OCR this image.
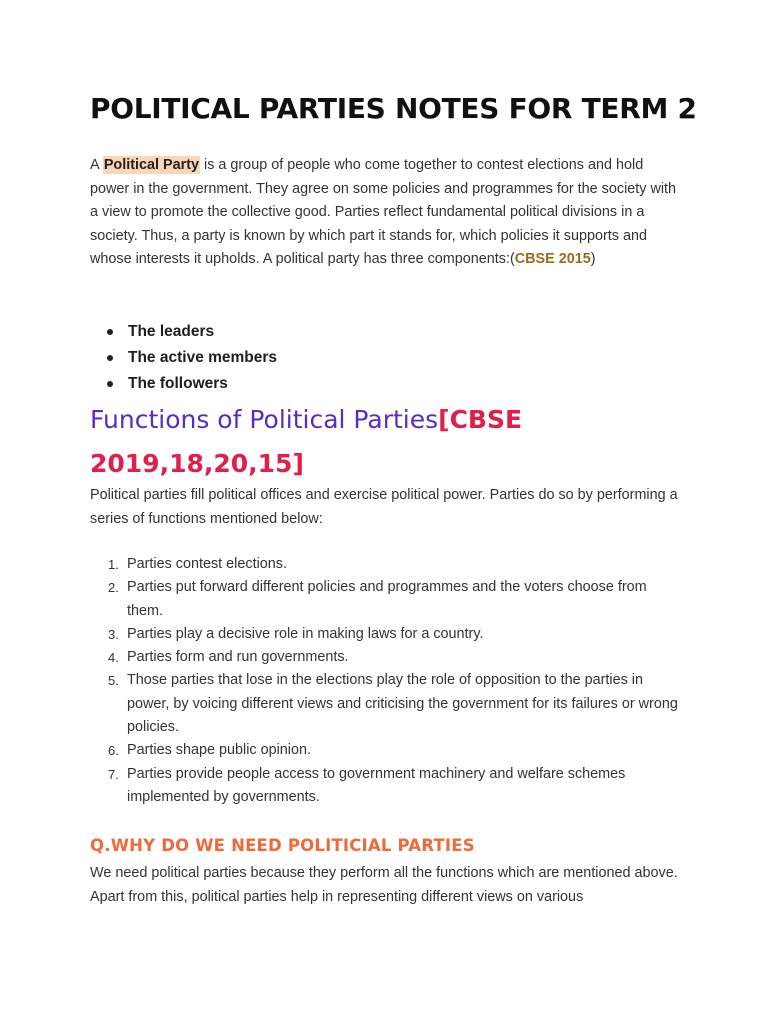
POLITICAL PARTIES NOTES FOR TERM 2

A Political Party is a group of people who come together to contest elections and hold power in the government. They agree on some policies and programmes for the society with a view to promote the collective good. Parties reflect fundamental political divisions in a society. Thus, a party is known by which part it stands for, which policies it supports and whose interests it upholds. A political party has three components:(CBSE 2015)

The leaders
The active members
The followers
Functions of Political Parties[CBSE 2019,18,20,15]

Political parties fill political offices and exercise political power. Parties do so by performing a series of functions mentioned below:

1. Parties contest elections.
2. Parties put forward different policies and programmes and the voters choose from them.
3. Parties play a decisive role in making laws for a country.
4. Parties form and run governments.
5. Those parties that lose in the elections play the role of opposition to the parties in power, by voicing different views and criticising the government for its failures or wrong policies.
6. Parties shape public opinion.
7. Parties provide people access to government machinery and welfare schemes implemented by governments.
Q.WHY DO WE NEED POLITICIAL PARTIES

We need political parties because they perform all the functions which are mentioned above. Apart from this, political parties help in representing different views on various
